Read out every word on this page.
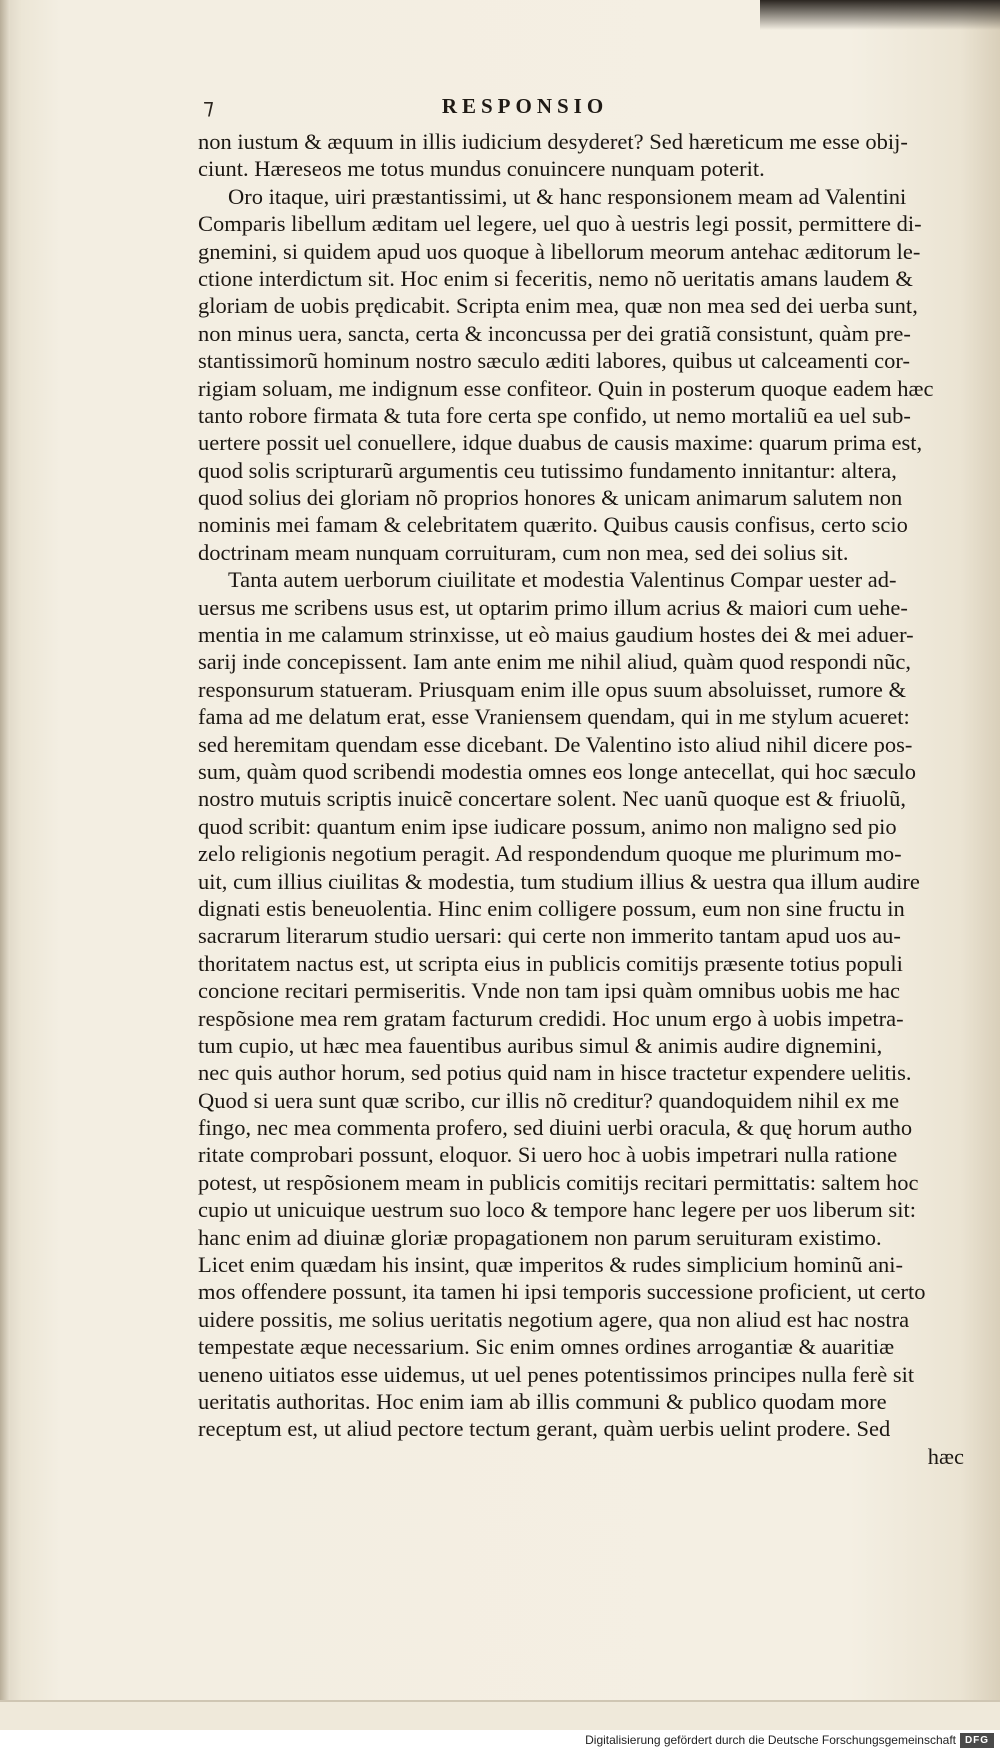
⁊	RESPONSIO
non iustum & æquum in illis iudicium desyderet? Sed hæreticum me esse obij-
ciunt. Hæreseos me totus mundus conuincere nunquam poterit.
Oro itaque, uiri præstantissimi, ut & hanc responsionem meam ad Valentini
Comparis libellum æditam uel legere, uel quo à uestris legi possit, permittere di-
gnemini, si quidem apud uos quoque à libellorum meorum antehac æditorum le-
ctione interdictum sit. Hoc enim si feceritis, nemo nõ ueritatis amans laudem &
gloriam de uobis prędicabit. Scripta enim mea, quæ non mea sed dei uerba sunt,
non minus uera, sancta, certa & inconcussa per dei gratiã consistunt, quàm pre-
stantissimorũ hominum nostro sæculo æditi labores, quibus ut calceamenti cor-
rigiam soluam, me indignum esse confiteor. Quin in posterum quoque eadem hæc
tanto robore firmata & tuta fore certa spe confido, ut nemo mortaliũ ea uel sub-
uertere possit uel conuellere, idque duabus de causis maxime: quarum prima est,
quod solis scripturarũ argumentis ceu tutissimo fundamento innitantur: altera,
quod solius dei gloriam nõ proprios honores & unicam animarum salutem non
nominis mei famam & celebritatem quærito. Quibus causis confisus, certo scio
doctrinam meam nunquam corruituram, cum non mea, sed dei solius sit.
Tanta autem uerborum ciuilitate et modestia Valentinus Compar uester ad-
uersus me scribens usus est, ut optarim primo illum acrius & maiori cum uehe-
mentia in me calamum strinxisse, ut eò maius gaudium hostes dei & mei aduer-
sarij inde concepissent. Iam ante enim me nihil aliud, quàm quod respondi nũc,
responsurum statueram. Priusquam enim ille opus suum absoluisset, rumore &
fama ad me delatum erat, esse Vraniensem quendam, qui in me stylum acueret:
sed heremitam quendam esse dicebant. De Valentino isto aliud nihil dicere pos-
sum, quàm quod scribendi modestia omnes eos longe antecellat, qui hoc sæculo
nostro mutuis scriptis inuicẽ concertare solent. Nec uanũ quoque est & friuolũ,
quod scribit: quantum enim ipse iudicare possum, animo non maligno sed pio
zelo religionis negotium peragit. Ad respondendum quoque me plurimum mo-
uit, cum illius ciuilitas & modestia, tum studium illius & uestra qua illum audire
dignati estis beneuolentia. Hinc enim colligere possum, eum non sine fructu in
sacrarum literarum studio uersari: qui certe non immerito tantam apud uos au-
thoritatem nactus est, ut scripta eius in publicis comitijs præsente totius populi
concione recitari permiseritis. Vnde non tam ipsi quàm omnibus uobis me hac
respõsione mea rem gratam facturum credidi. Hoc unum ergo à uobis impetra-
tum cupio, ut hæc mea fauentibus auribus simul & animis audire dignemini,
nec quis author horum, sed potius quid nam in hisce tractetur expendere uelitis.
Quod si uera sunt quæ scribo, cur illis nõ creditur? quandoquidem nihil ex me
fingo, nec mea commenta profero, sed diuini uerbi oracula, & quę horum autho
ritate comprobari possunt, eloquor. Si uero hoc à uobis impetrari nulla ratione
potest, ut respõsionem meam in publicis comitijs recitari permittatis: saltem hoc
cupio ut unicuique uestrum suo loco & tempore hanc legere per uos liberum sit:
hanc enim ad diuinæ gloriæ propagationem non parum seruituram existimo.
Licet enim quædam his insint, quæ imperitos & rudes simplicium hominũ ani-
mos offendere possunt, ita tamen hi ipsi temporis successione proficient, ut certo
uidere possitis, me solius ueritatis negotium agere, qua non aliud est hac nostra
tempestate æque necessarium. Sic enim omnes ordines arrogantiæ & auaritiæ
ueneno uitiatos esse uidemus, ut uel penes potentissimos principes nulla ferè sit
ueritatis authoritas. Hoc enim iam ab illis communi & publico quodam more
receptum est, ut aliud pectore tectum gerant, quàm uerbis uelint prodere. Sed
hæc
Digitalisierung gefördert durch die Deutsche Forschungsgemeinschaft DFG
